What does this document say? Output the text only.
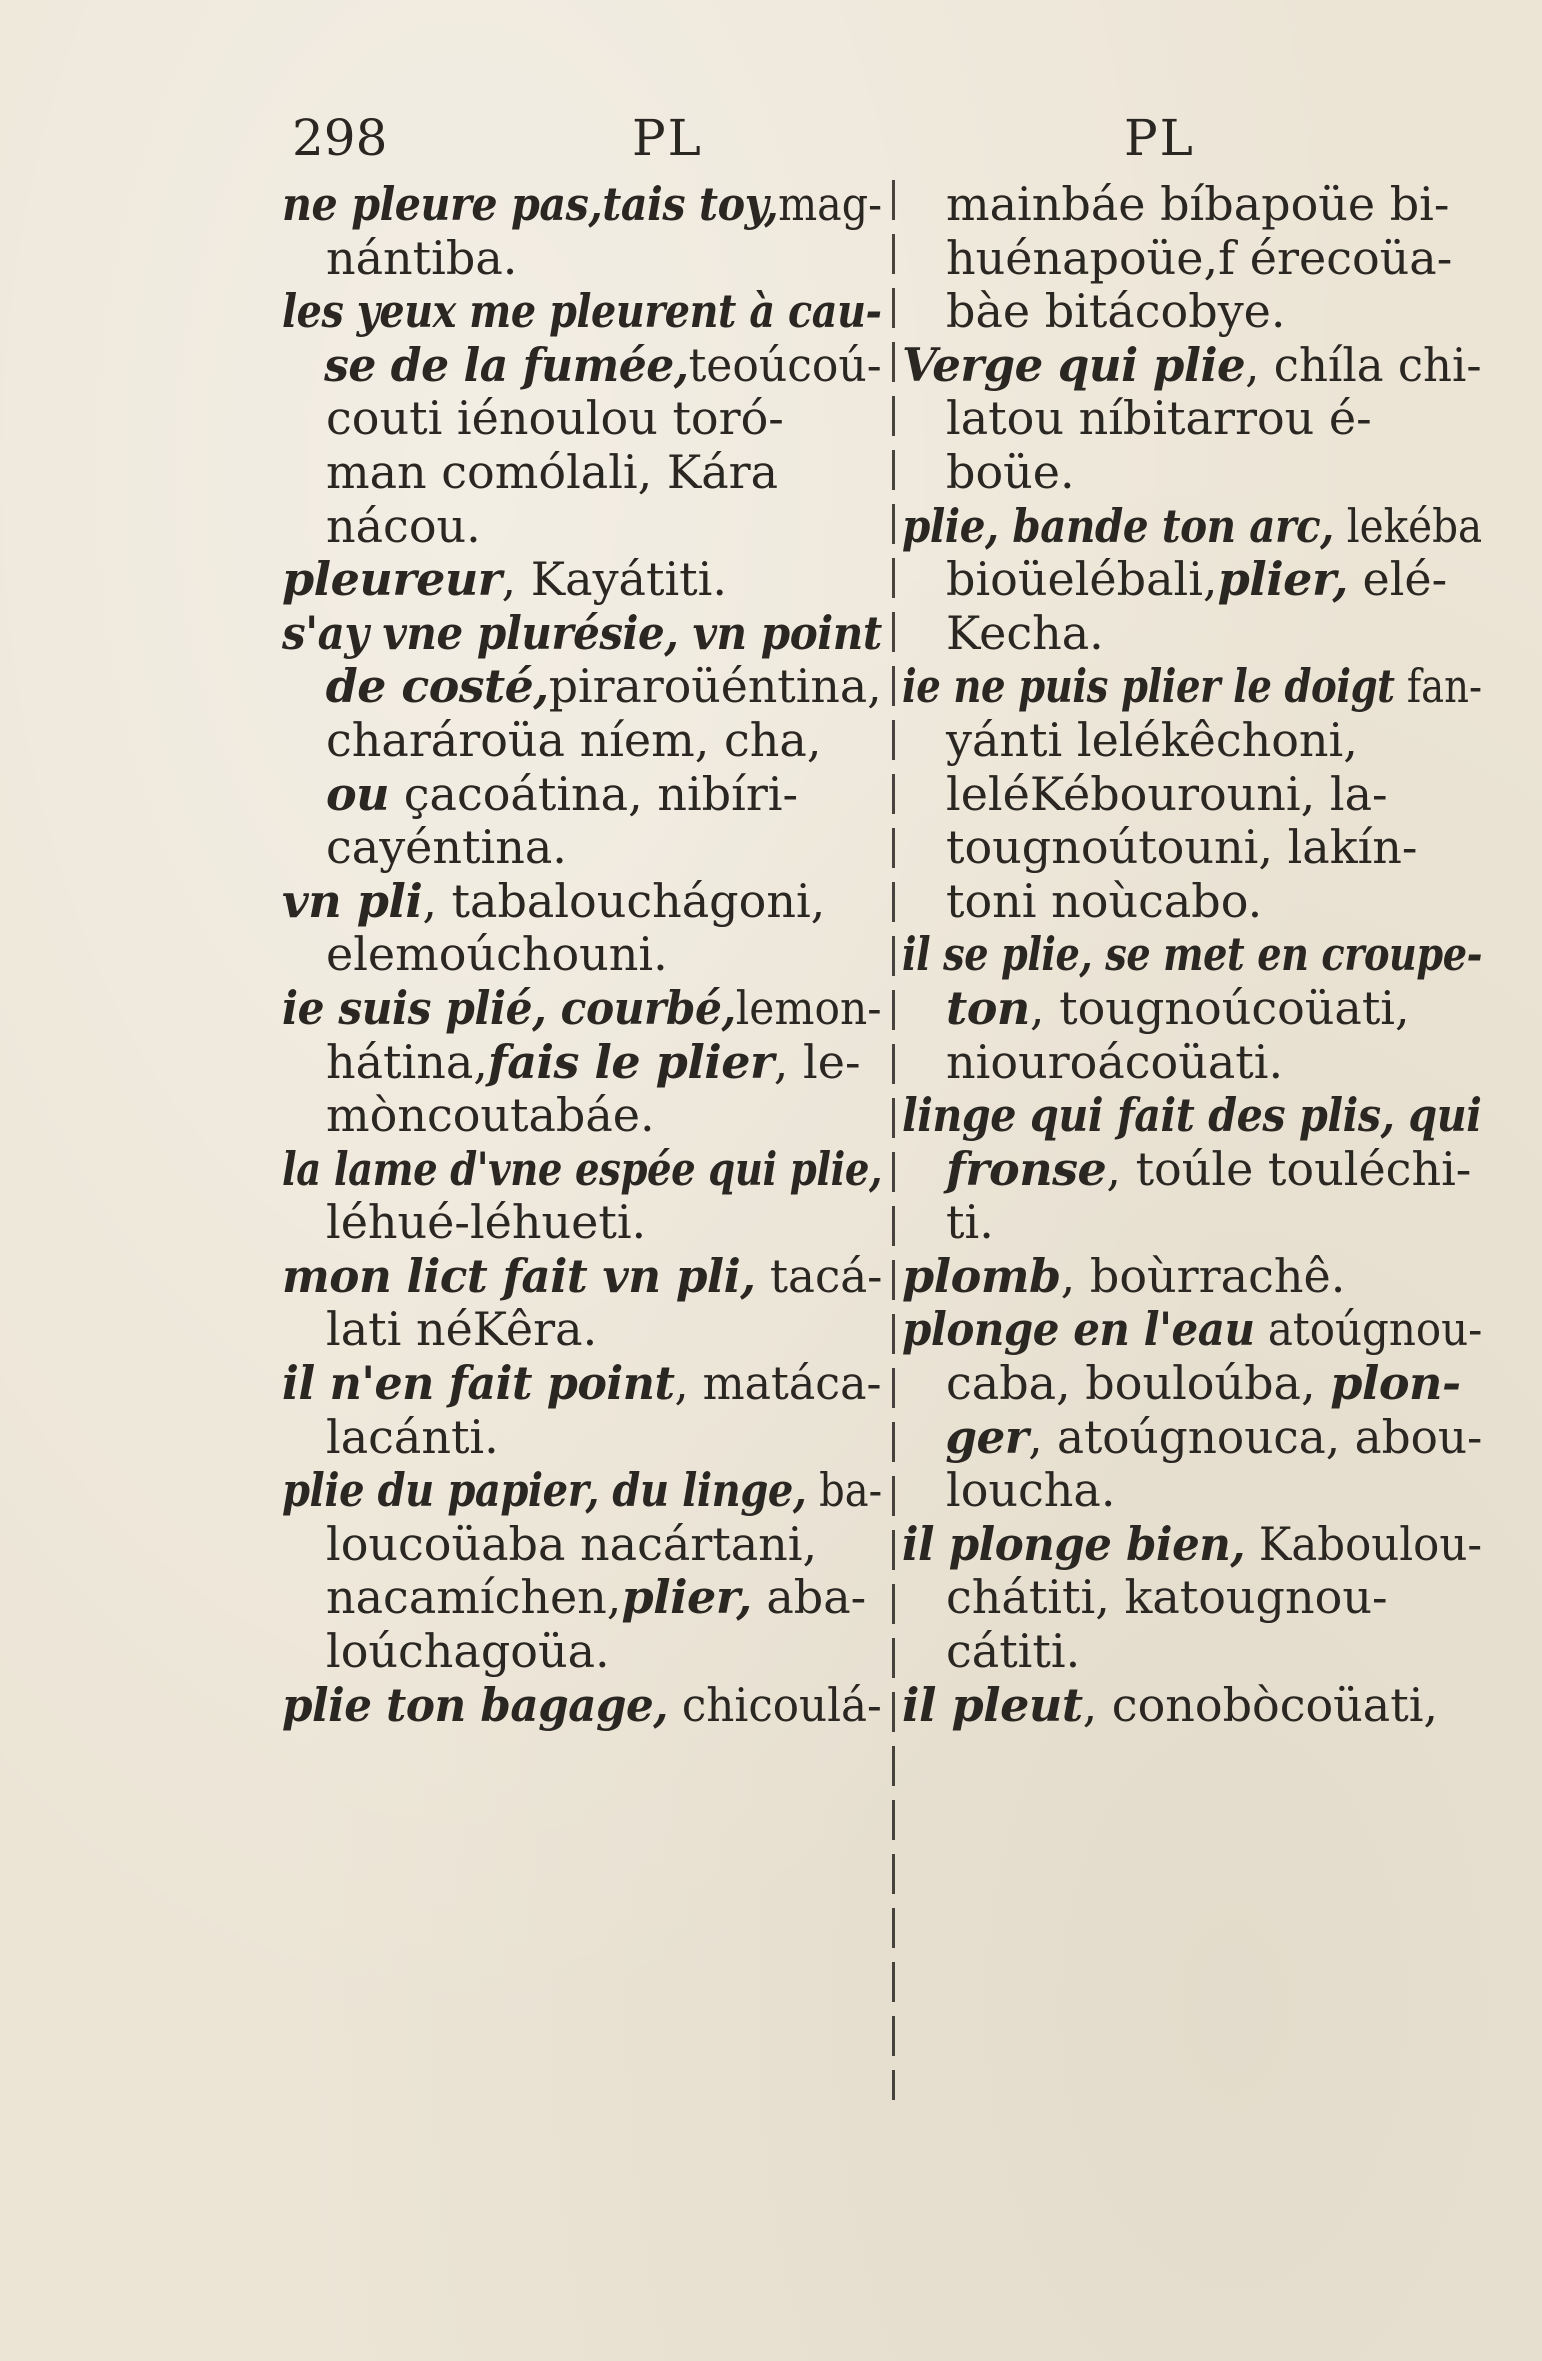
298	PL	PL
ne pleure pas,tais toy,mag-
nántiba.
les yeux me pleurent à cau-
se de la fumée,teoúcoú-
couti iénoulou toró-
man comólali, Kára
nácou.
pleureur, Kayátiti.
s'ay vne plurésie, vn point
de costé,piraroüéntina,
charároüa níem, cha,
ou çacoátina, nibíri-
cayéntina.
vn pli, tabalouchágoni,
elemoúchouni.
ie suis plié, courbé,lemon-
hátina,fais le plier, le-
mòncoutabáe.
la lame d'vne espée qui plie,
léhué-léhueti.
mon lict fait vn pli, tacá-
lati néKêra.
il n'en fait point, matáca-
lacánti.
plie du papier, du linge, ba-
loucoüaba nacártani,
nacamíchen,plier, aba-
loúchagoüa.
plie ton bagage, chicoulá-
mainbáe bíbapoüe bi-
huénapoüe,f érecoüa-
bàe bitácobye.
Verge qui plie, chíla chi-
latou níbitarrou é-
boüe.
plie, bande ton arc, lekéba
bioüelébali,plier, elé-
Kecha.
ie ne puis plier le doigt fan-
yánti lelékêchoni,
leléKébourouni, la-
tougnoútouni, lakín-
toni noùcabo.
il se plie, se met en croupe-
ton, tougnoúcoüati,
niouroácoüati.
linge qui fait des plis, qui
fronse, toúle touléchi-
ti.
plomb, boùrrachê.
plonge en l'eau atoúgnou-
caba, bouloúba, plon-
ger, atoúgnouca, abou-
loucha.
il plonge bien, Kaboulou-
chátiti, katougnou-
cátiti.
il pleut, conobòcoüati,
